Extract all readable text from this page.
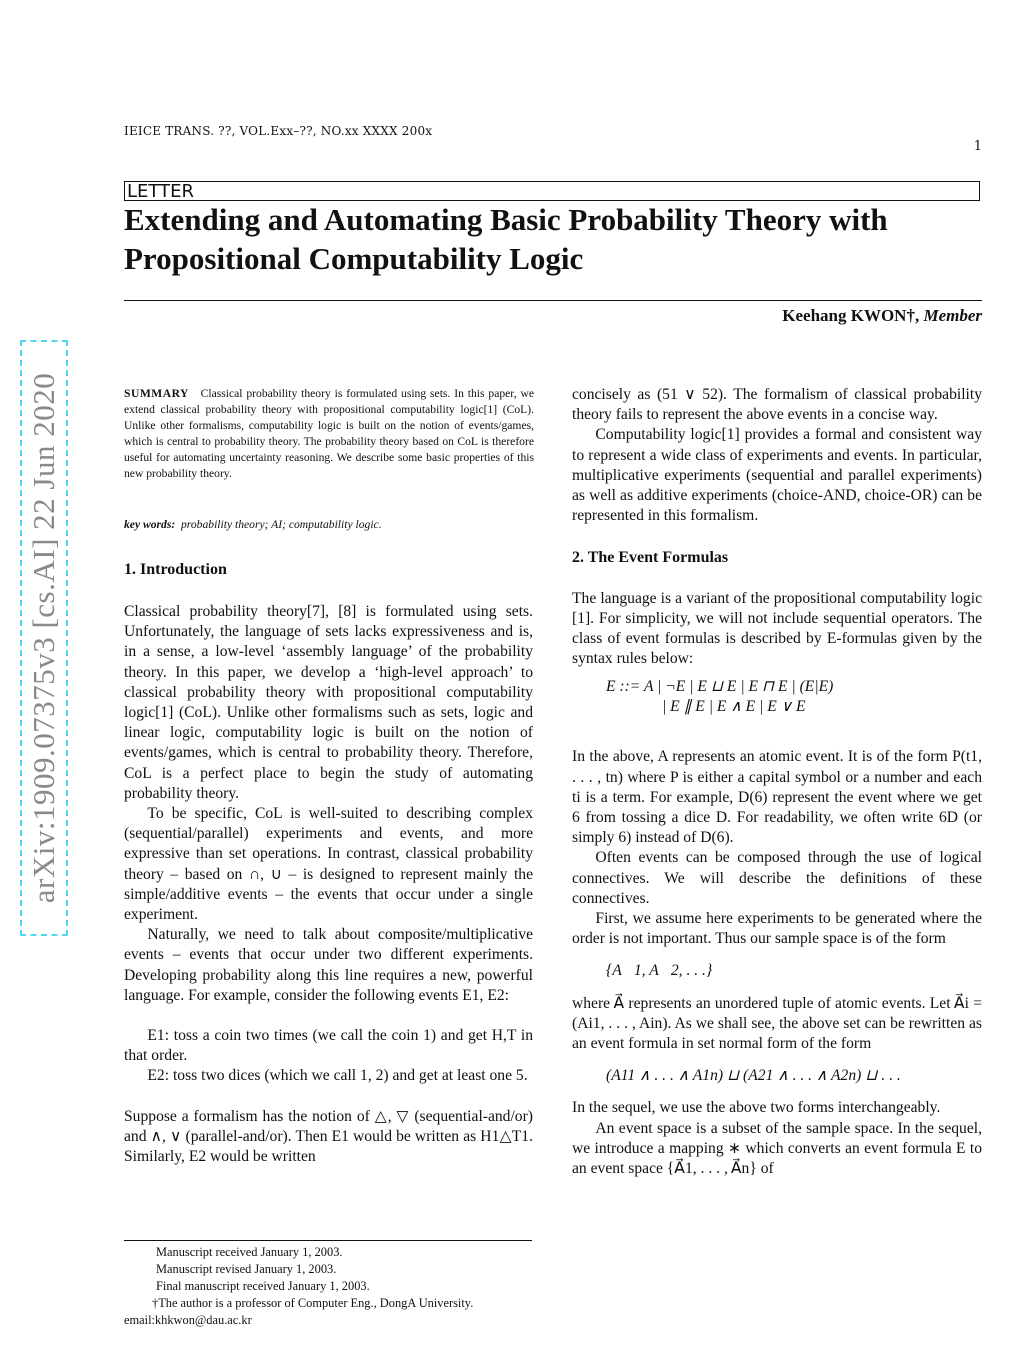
IEICE TRANS. ??, VOL.Exx–??, NO.xx XXXX 200x
1
LETTER
Extending and Automating Basic Probability Theory with Propositional Computability Logic
Keehang KWON†, Member
arXiv:1909.07375v3 [cs.AI] 22 Jun 2020	SUMMARY Classical probability theory is formulated using sets. In this paper, we extend classical probability theory with propositional computability logic[1] (CoL). Unlike other formalisms, computability logic is built on the notion of events/games, which is central to probability theory. The probability theory based on CoL is therefore useful for automating uncertainty reasoning. We describe some basic properties of this new probability theory.
key words: probability theory; AI; computability logic.
1. Introduction

Classical probability theory[7], [8] is formulated using sets. Unfortunately, the language of sets lacks expressiveness and is, in a sense, a low-level ‘assembly language’ of the probability theory. In this paper, we develop a ‘high-level approach’ to classical probability theory with propositional computability logic[1] (CoL). Unlike other formalisms such as sets, logic and linear logic, computability logic is built on the notion of events/games, which is central to probability theory. Therefore, CoL is a perfect place to begin the study of automating probability theory.

To be specific, CoL is well-suited to describing complex (sequential/parallel) experiments and events, and more expressive than set operations. In contrast, classical probability theory – based on ∩, ∪ – is designed to represent mainly the simple/additive events – the events that occur under a single experiment.

Naturally, we need to talk about composite/multiplicative events – events that occur under two different experiments. Developing probability along this line requires a new, powerful language. For example, consider the following events E1, E2:

E1: toss a coin two times (we call the coin 1) and get H,T in that order.

E2: toss two dices (which we call 1, 2) and get at least one 5.

Suppose a formalism has the notion of △, ▽ (sequential-and/or) and ∧, ∨ (parallel-and/or). Then E1 would be written as H1△T1. Similarly, E2 would be written

Manuscript received January 1, 2003.
Manuscript revised January 1, 2003.
Final manuscript received January 1, 2003.
†The author is a professor of Computer Eng., DongA University. email:khkwon@dau.ac.kr

concisely as (51 ∨ 52). The formalism of classical probability theory fails to represent the above events in a concise way.

Computability logic[1] provides a formal and consistent way to represent a wide class of experiments and events. In particular, multiplicative experiments (sequential and parallel experiments) as well as additive experiments (choice-AND, choice-OR) can be represented in this formalism.

2. The Event Formulas

The language is a variant of the propositional computability logic [1]. For simplicity, we will not include sequential operators. The class of event formulas is described by E-formulas given by the syntax rules below:

E ::= A | ¬E | E ⊔ E | E ⊓ E | (E|E)
| E ∥ E | E ∧ E | E ∨ E

In the above, A represents an atomic event. It is of the form P(t1, . . . , tn) where P is either a capital symbol or a number and each ti is a term. For example, D(6) represent the event where we get 6 from tossing a dice D. For readability, we often write 6D (or simply 6) instead of D(6).

Often events can be composed through the use of logical connectives. We will describe the definitions of these connectives.

First, we assume here experiments to be generated where the order is not important. Thus our sample space is of the form

{A⃗1, A⃗2, . . .}

where A⃗ represents an unordered tuple of atomic events. Let A⃗i = (Ai1, . . . , Ain). As we shall see, the above set can be rewritten as an event formula in set normal form of the form

(A11 ∧ . . . ∧ A1n) ⊔ (A21 ∧ . . . ∧ A2n) ⊔ . . .

In the sequel, we use the above two forms interchangeably.

An event space is a subset of the sample space. In the sequel, we introduce a mapping ∗ which converts an event formula E to an event space {A⃗1, . . . , A⃗n} of
